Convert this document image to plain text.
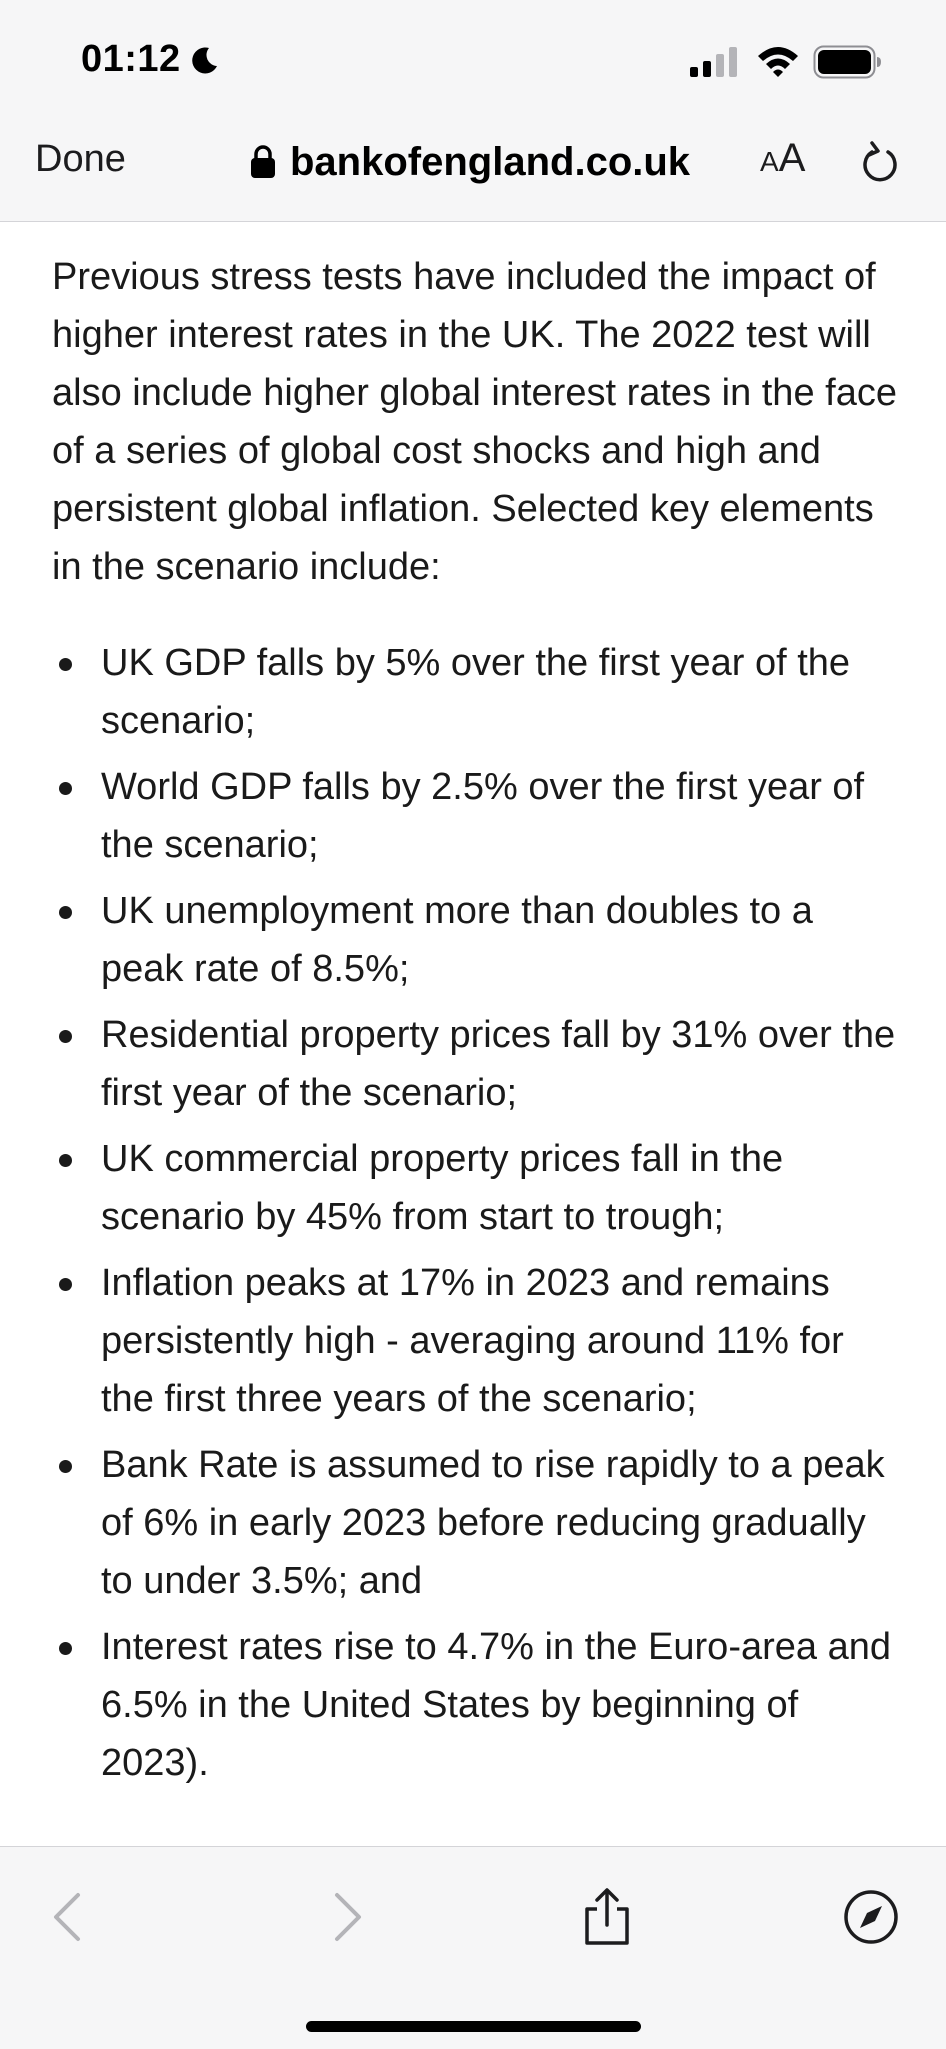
01:12
Done	bankofengland.co.uk A A

Previous stress tests have included the impact of higher interest rates in the UK. The 2022 test will also include higher global interest rates in the face of a series of global cost shocks and high and persistent global inflation. Selected key elements in the scenario include:

UK GDP falls by 5% over the first year of the scenario;
World GDP falls by 2.5% over the first year of the scenario;
UK unemployment more than doubles to a peak rate of 8.5%;
Residential property prices fall by 31% over the first year of the scenario;
UK commercial property prices fall in the scenario by 45% from start to trough;
Inflation peaks at 17% in 2023 and remains persistently high - averaging around 11% for the first three years of the scenario;
Bank Rate is assumed to rise rapidly to a peak of 6% in early 2023 before reducing gradually to under 3.5%; and
Interest rates rise to 4.7% in the Euro-area and 6.5% in the United States by beginning of 2023).
